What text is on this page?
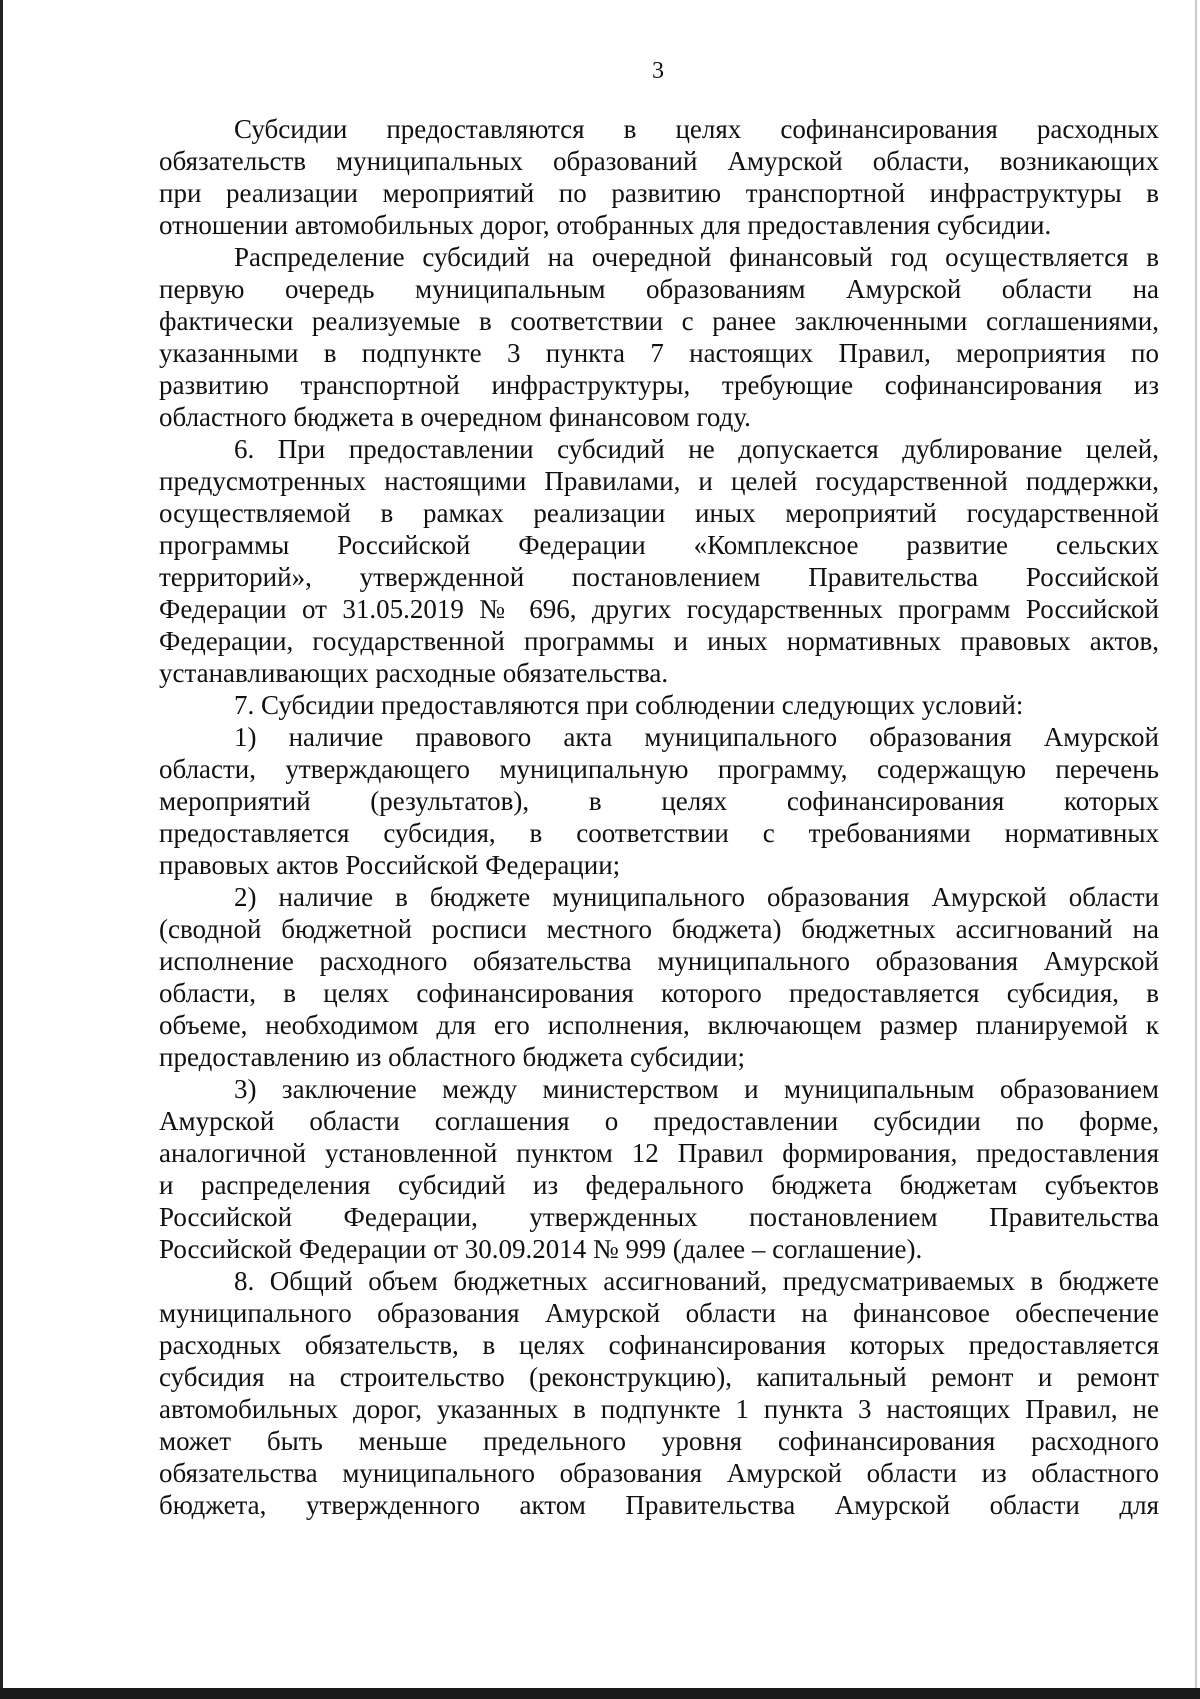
3
Субсидии предоставляются в целях софинансирования расходных
обязательств муниципальных образований Амурской области, возникающих
при реализации мероприятий по развитию транспортной инфраструктуры в
отношении автомобильных дорог, отобранных для предоставления субсидии.
Распределение субсидий на очередной финансовый год осуществляется в
первую очередь муниципальным образованиям Амурской области на
фактически реализуемые в соответствии с ранее заключенными соглашениями,
указанными в подпункте 3 пункта 7 настоящих Правил, мероприятия по
развитию транспортной инфраструктуры, требующие софинансирования из
областного бюджета в очередном финансовом году.
6. При предоставлении субсидий не допускается дублирование целей,
предусмотренных настоящими Правилами, и целей государственной поддержки,
осуществляемой в рамках реализации иных мероприятий государственной
программы Российской Федерации «Комплексное развитие сельских
территорий», утвержденной постановлением Правительства Российской
Федерации от 31.05.2019 № 696, других государственных программ Российской
Федерации, государственной программы и иных нормативных правовых актов,
устанавливающих расходные обязательства.
7. Субсидии предоставляются при соблюдении следующих условий:
1) наличие правового акта муниципального образования Амурской
области, утверждающего муниципальную программу, содержащую перечень
мероприятий (результатов), в целях софинансирования которых
предоставляется субсидия, в соответствии с требованиями нормативных
правовых актов Российской Федерации;
2) наличие в бюджете муниципального образования Амурской области
(сводной бюджетной росписи местного бюджета) бюджетных ассигнований на
исполнение расходного обязательства муниципального образования Амурской
области, в целях софинансирования которого предоставляется субсидия, в
объеме, необходимом для его исполнения, включающем размер планируемой к
предоставлению из областного бюджета субсидии;
3) заключение между министерством и муниципальным образованием
Амурской области соглашения о предоставлении субсидии по форме,
аналогичной установленной пунктом 12 Правил формирования, предоставления
и распределения субсидий из федерального бюджета бюджетам субъектов
Российской Федерации, утвержденных постановлением Правительства
Российской Федерации от 30.09.2014 № 999 (далее – соглашение).
8. Общий объем бюджетных ассигнований, предусматриваемых в бюджете
муниципального образования Амурской области на финансовое обеспечение
расходных обязательств, в целях софинансирования которых предоставляется
субсидия на строительство (реконструкцию), капитальный ремонт и ремонт
автомобильных дорог, указанных в подпункте 1 пункта 3 настоящих Правил, не
может быть меньше предельного уровня софинансирования расходного
обязательства муниципального образования Амурской области из областного
бюджета, утвержденного актом Правительства Амурской области для
